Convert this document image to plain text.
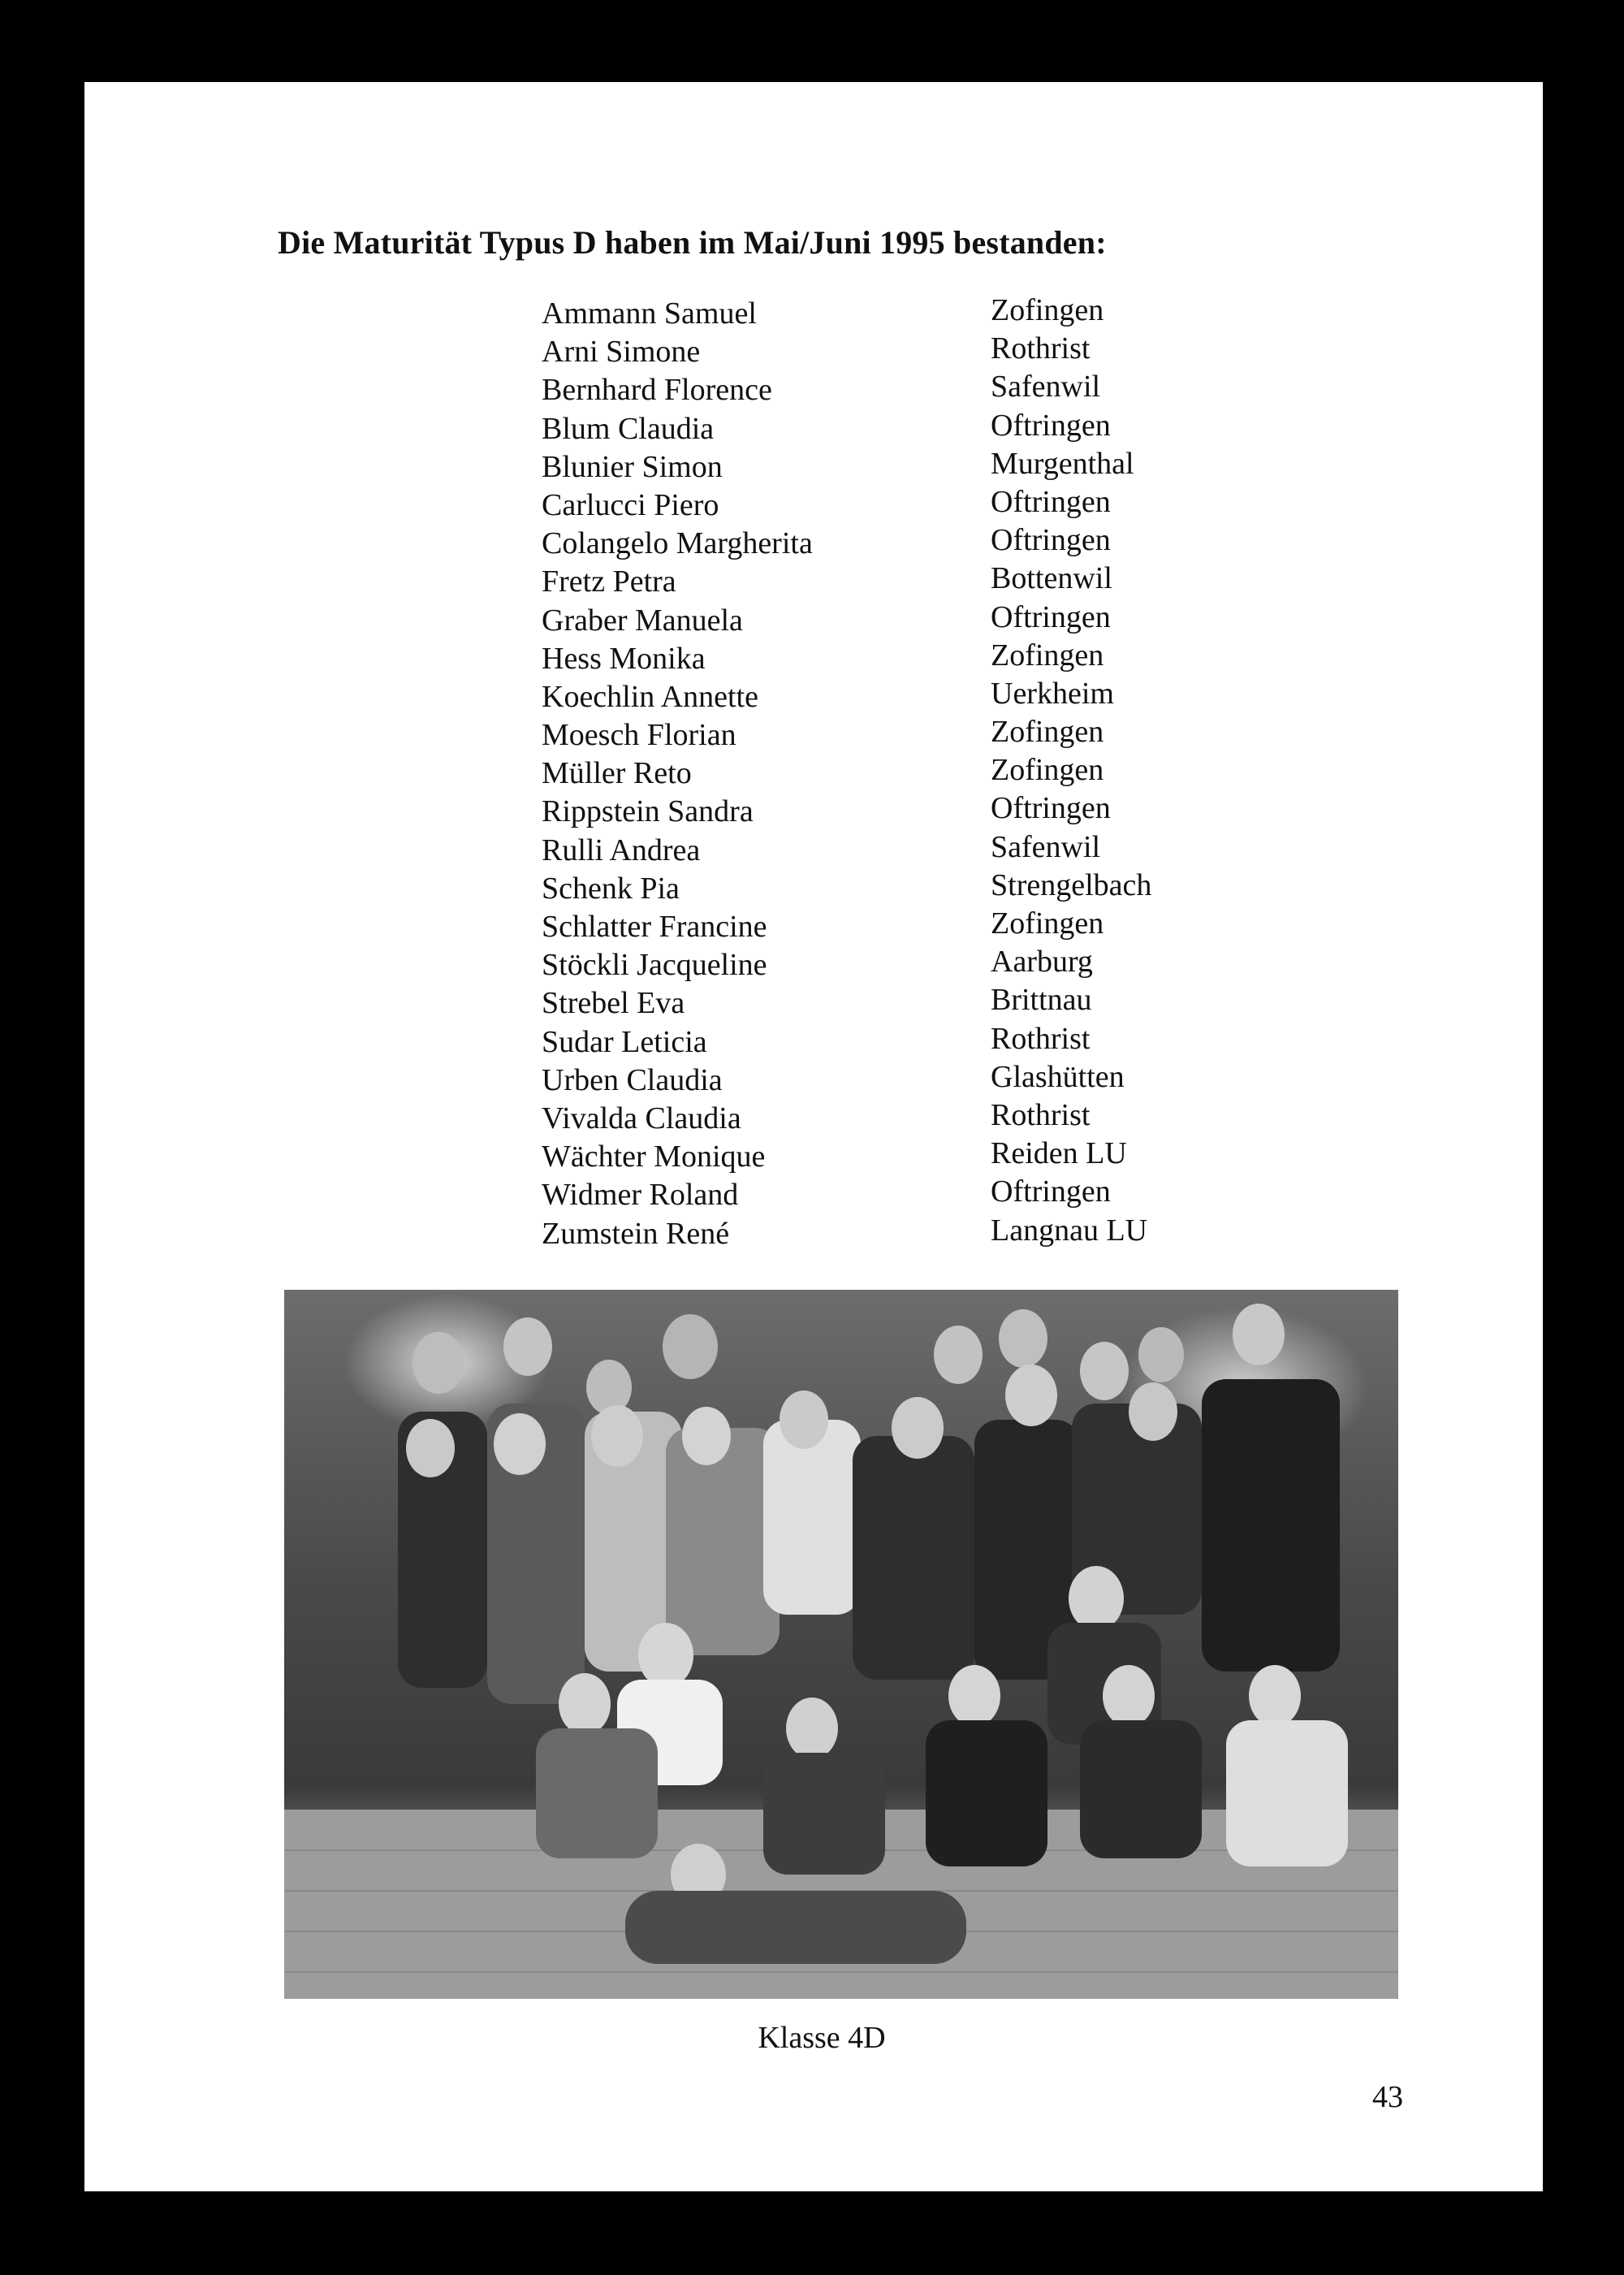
Die Maturität Typus D haben im Mai/Juni 1995 bestanden:
Ammann Samuel	Zofingen
Arni Simone	Rothrist
Bernhard Florence	Safenwil
Blum Claudia	Oftringen
Blunier Simon	Murgenthal
Carlucci Piero	Oftringen
Colangelo Margherita	Oftringen
Fretz Petra	Bottenwil
Graber Manuela	Oftringen
Hess Monika	Zofingen
Koechlin Annette	Uerkheim
Moesch Florian	Zofingen
Müller Reto	Zofingen
Rippstein Sandra	Oftringen
Rulli Andrea	Safenwil
Schenk Pia	Strengelbach
Schlatter Francine	Zofingen
Stöckli Jacqueline	Aarburg
Strebel Eva	Brittnau
Sudar Leticia	Rothrist
Urben Claudia	Glashütten
Vivalda Claudia	Rothrist
Wächter Monique	Reiden LU
Widmer Roland	Oftringen
Zumstein René	Langnau LU
Klasse 4D
43
